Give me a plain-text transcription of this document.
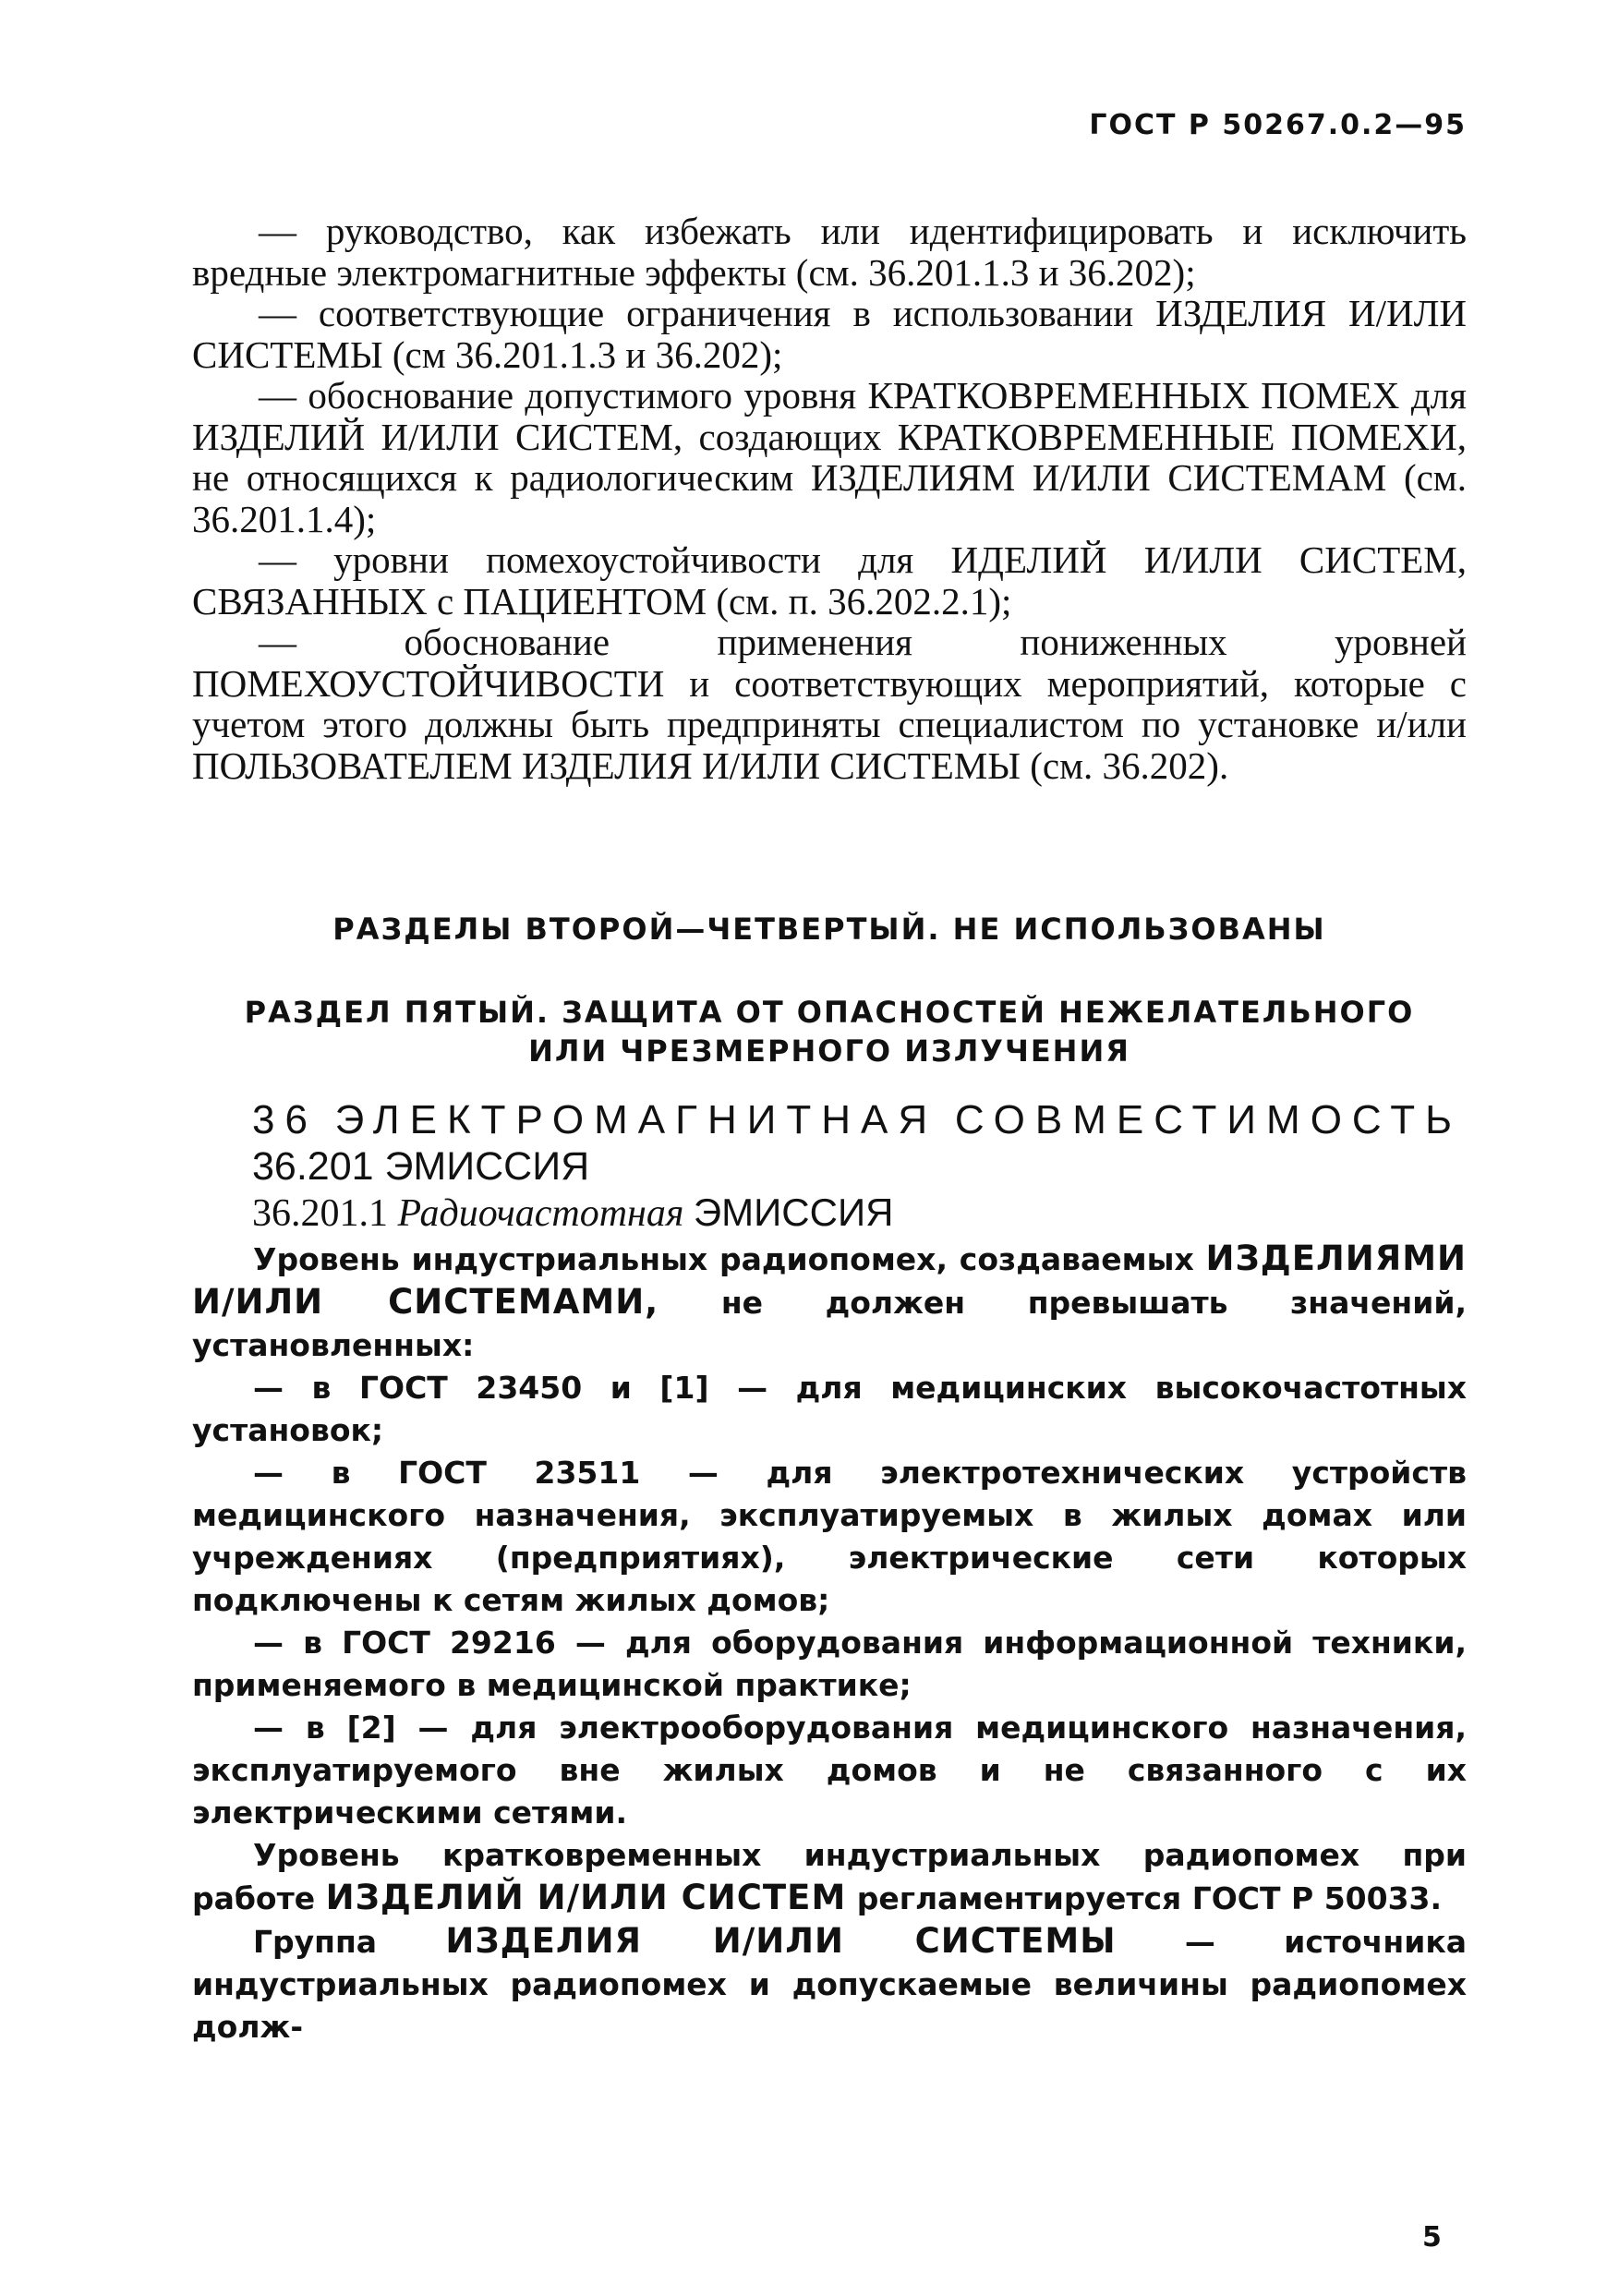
ГОСТ Р 50267.0.2—95

— руководство, как избежать или идентифицировать и исключить вредные электромагнитные эффекты (см. 36.201.1.3 и 36.202);

— соответствующие ограничения в использовании ИЗДЕЛИЯ И/ИЛИ СИСТЕМЫ (см 36.201.1.3 и 36.202);

— обоснование допустимого уровня КРАТКОВРЕМЕННЫХ ПОМЕХ для ИЗДЕЛИЙ И/ИЛИ СИСТЕМ, создающих КРАТКОВРЕМЕННЫЕ ПОМЕХИ, не относящихся к радиологическим ИЗДЕЛИЯМ И/ИЛИ СИСТЕМАМ (см. 36.201.1.4);

— уровни помехоустойчивости для ИДЕЛИЙ И/ИЛИ СИСТЕМ, СВЯЗАННЫХ с ПАЦИЕНТОМ (см. п. 36.202.2.1);

— обоснование применения пониженных уровней ПОМЕХОУСТОЙЧИВОСТИ и соответствующих мероприятий, которые с учетом этого должны быть предприняты специалистом по установке и/или ПОЛЬЗОВАТЕЛЕМ ИЗДЕЛИЯ И/ИЛИ СИСТЕМЫ (см. 36.202).

РАЗДЕЛЫ ВТОРОЙ—ЧЕТВЕРТЫЙ. НЕ ИСПОЛЬЗОВАНЫ
РАЗДЕЛ ПЯТЫЙ. ЗАЩИТА ОТ ОПАСНОСТЕЙ НЕЖЕЛАТЕЛЬНОГО
ИЛИ ЧРЕЗМЕРНОГО ИЗЛУЧЕНИЯ
36 ЭЛЕКТРОМАГНИТНАЯ СОВМЕСТИМОСТЬ
36.201 ЭМИССИЯ
36.201.1 Радиочастотная ЭМИССИЯ

Уровень индустриальных радиопомех, создаваемых ИЗДЕЛИЯМИ И/ИЛИ СИСТЕМАМИ, не должен превышать значений, установленных:

— в ГОСТ 23450 и [1] — для медицинских высокочастотных установок;

— в ГОСТ 23511 — для электротехнических устройств медицинского назначения, эксплуатируемых в жилых домах или учреждениях (предприятиях), электрические сети которых подключены к сетям жилых домов;

— в ГОСТ 29216 — для оборудования информационной техники, применяемого в медицинской практике;

— в [2] — для электрооборудования медицинского назначения, эксплуатируемого вне жилых домов и не связанного с их электрическими сетями.

Уровень кратковременных индустриальных радиопомех при работе ИЗДЕЛИЙ И/ИЛИ СИСТЕМ регламентируется ГОСТ Р 50033.

Группа ИЗДЕЛИЯ И/ИЛИ СИСТЕМЫ — источника индустриальных радиопомех и допускаемые величины радиопомех долж-

5
